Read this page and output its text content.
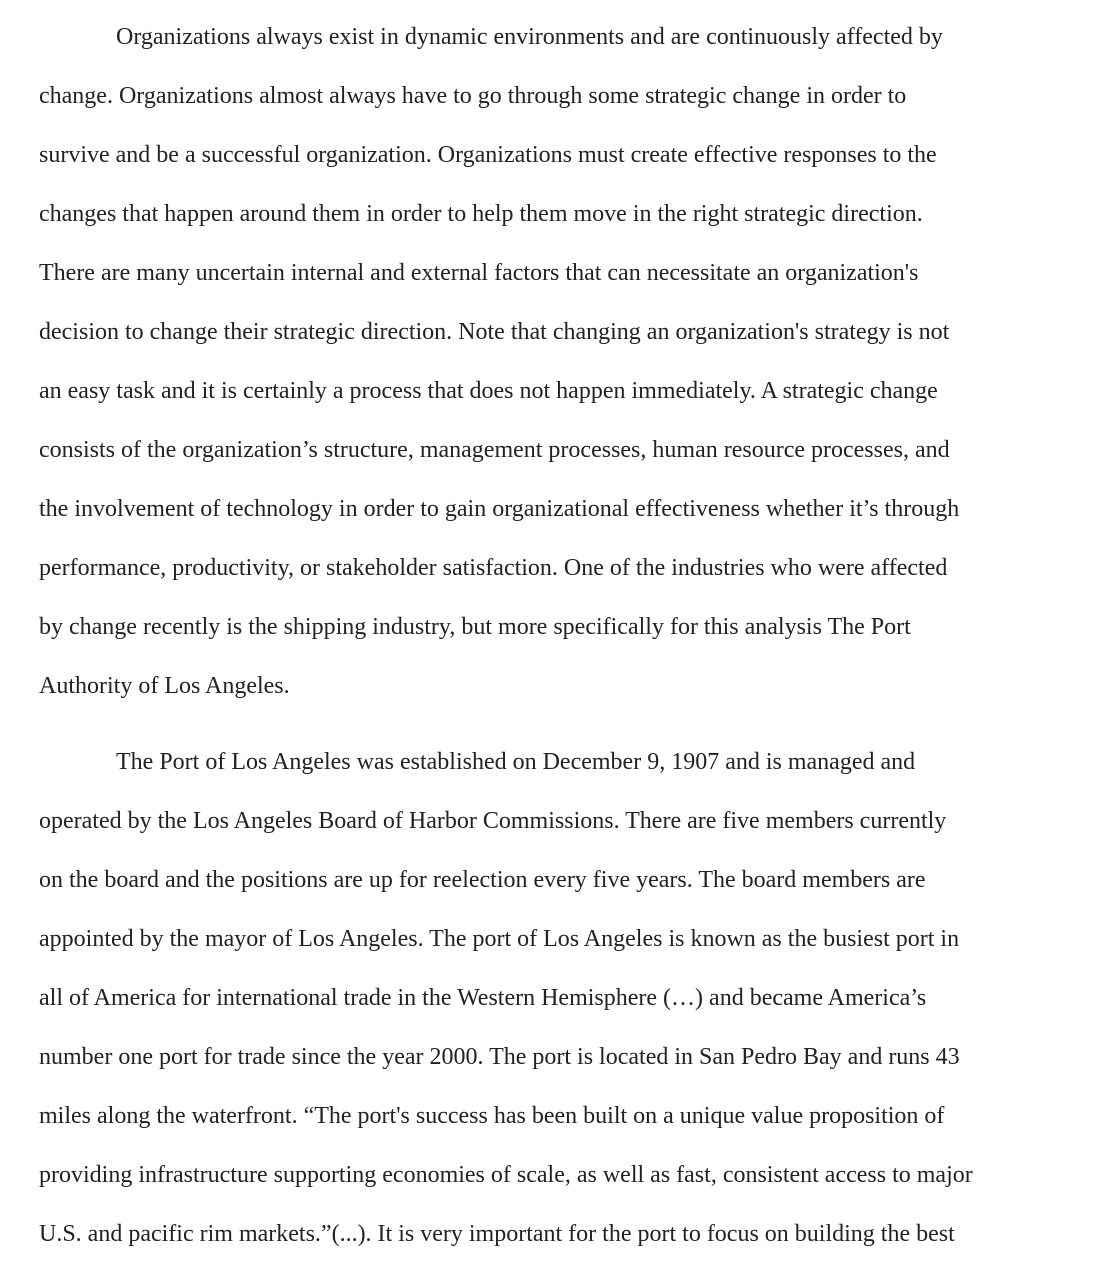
Organizations always exist in dynamic environments and are continuously affected by
change. Organizations almost always have to go through some strategic change in order to
survive and be a successful organization. Organizations must create effective responses to the
changes that happen around them in order to help them move in the right strategic direction.
There are many uncertain internal and external factors that can necessitate an organization's
decision to change their strategic direction. Note that changing an organization's strategy is not
an easy task and it is certainly a process that does not happen immediately. A strategic change
consists of the organization’s structure, management processes, human resource processes, and
the involvement of technology in order to gain organizational effectiveness whether it’s through
performance, productivity, or stakeholder satisfaction. One of the industries who were affected
by change recently is the shipping industry, but more specifically for this analysis The Port
Authority of Los Angeles.
The Port of Los Angeles was established on December 9, 1907 and is managed and
operated by the Los Angeles Board of Harbor Commissions. There are five members currently
on the board and the positions are up for reelection every five years. The board members are
appointed by the mayor of Los Angeles. The port of Los Angeles is known as the busiest port in
all of America for international trade in the Western Hemisphere (…) and became America’s
number one port for trade since the year 2000. The port is located in San Pedro Bay and runs 43
miles along the waterfront. “The port's success has been built on a unique value proposition of
providing infrastructure supporting economies of scale, as well as fast, consistent access to major
U.S. and pacific rim markets.”(...). It is very important for the port to focus on building the best
